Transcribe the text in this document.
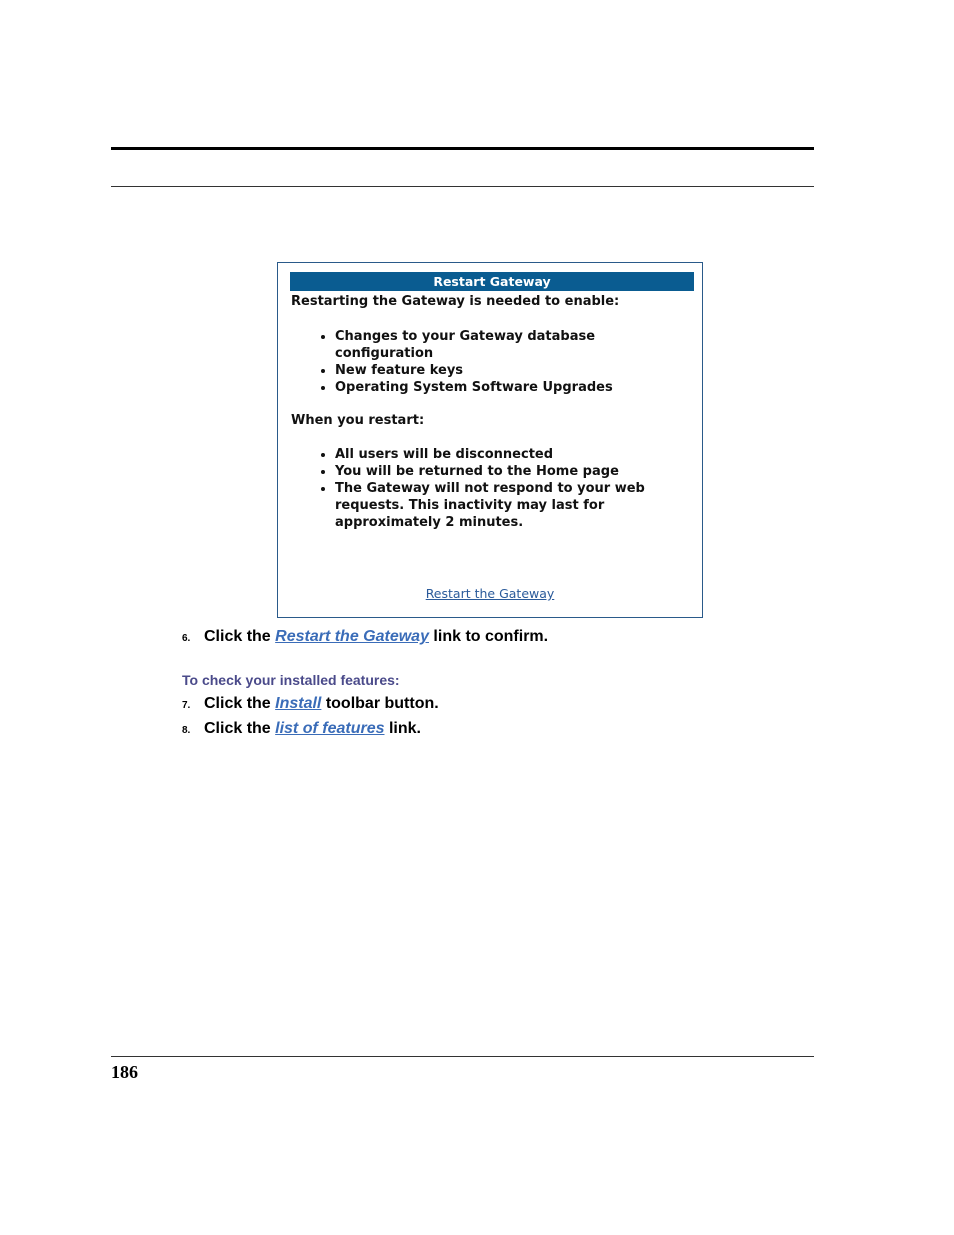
Restart Gateway
Restarting the Gateway is needed to enable:
• Changes to your Gateway database configuration
• New feature keys
• Operating System Software Upgrades
When you restart:
• All users will be disconnected
• You will be returned to the Home page
• The Gateway will not respond to your web requests. This inactivity may last for approximately 2 minutes.
Restart the Gateway
6. Click the Restart the Gateway link to confirm.
To check your installed features:
7. Click the Install toolbar button.
8. Click the list of features link.
186
